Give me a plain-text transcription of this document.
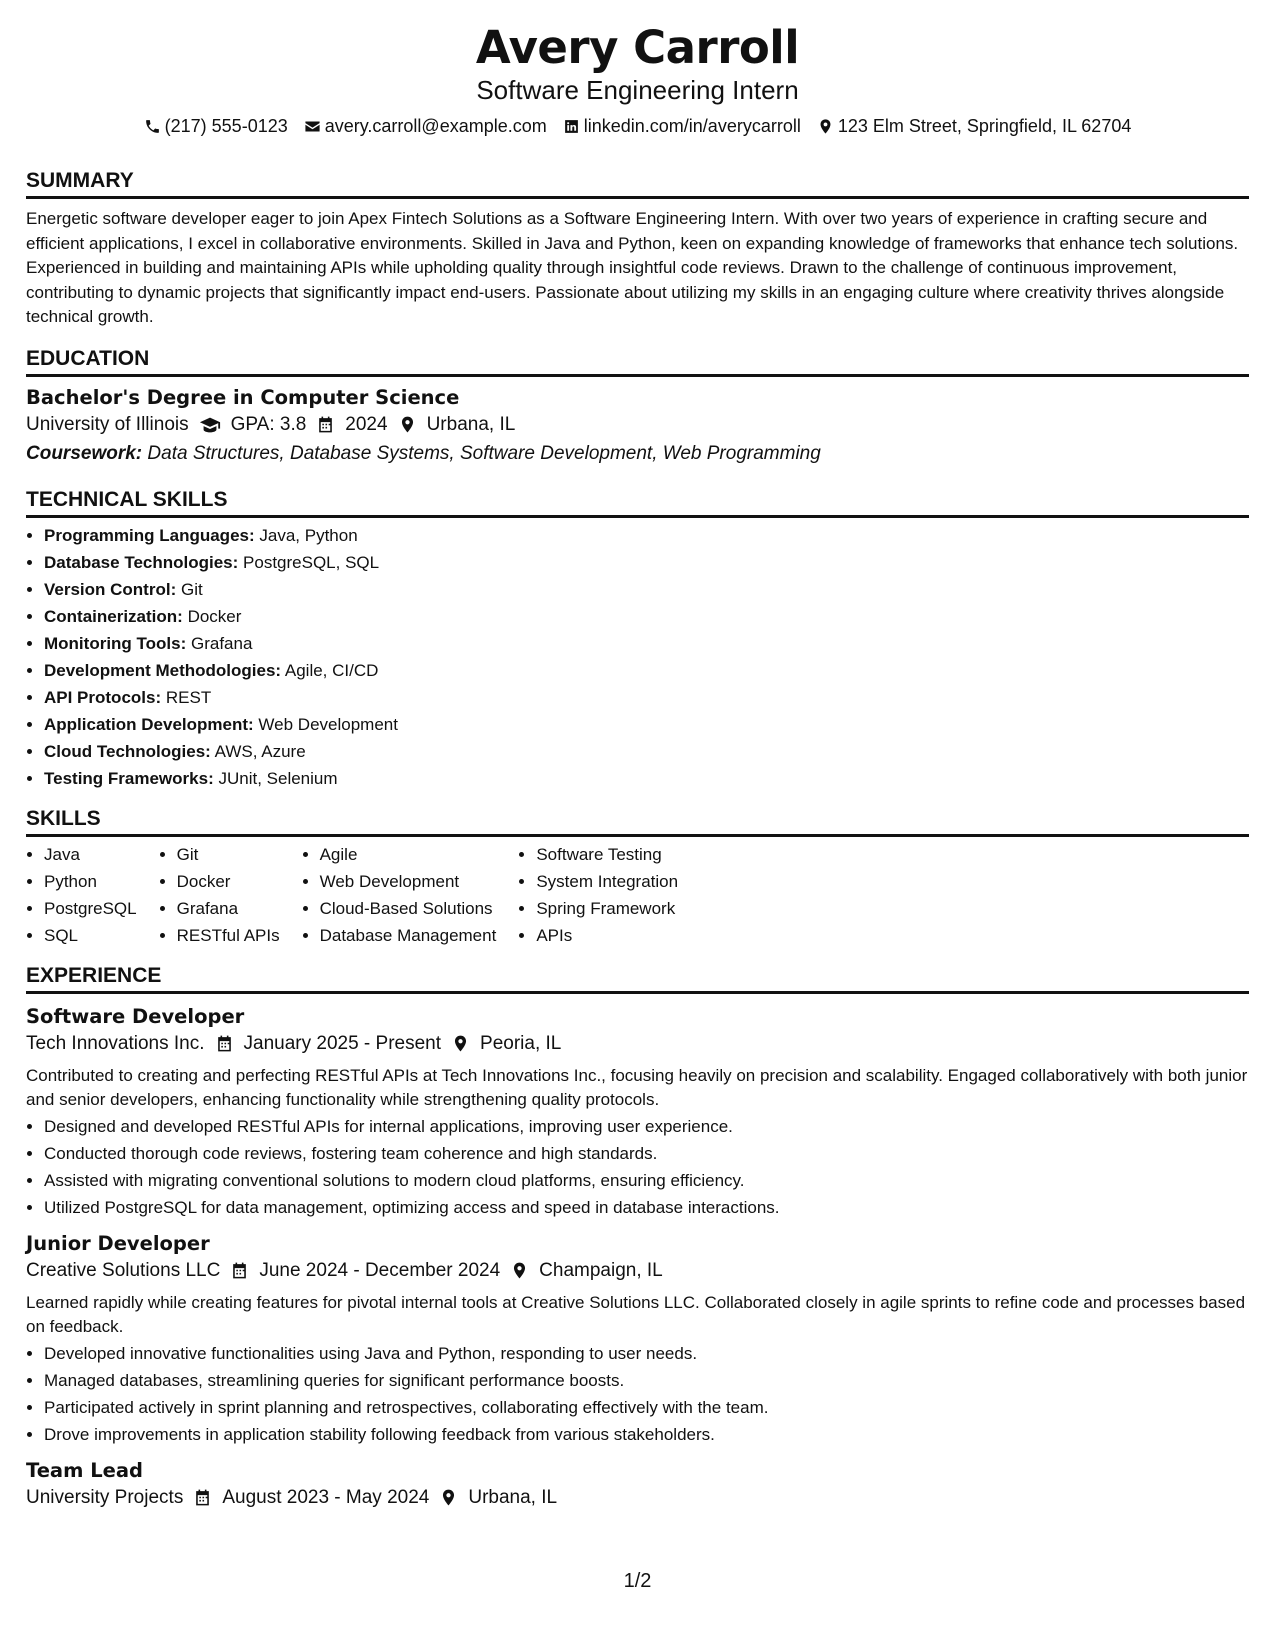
Avery Carroll
Software Engineering Intern
(217) 555-0123 avery.carroll@example.com linkedin.com/in/averycarroll 123 Elm Street, Springfield, IL 62704
SUMMARY
Energetic software developer eager to join Apex Fintech Solutions as a Software Engineering Intern. With over two years of experience in crafting secure and efficient applications, I excel in collaborative environments. Skilled in Java and Python, keen on expanding knowledge of frameworks that enhance tech solutions. Experienced in building and maintaining APIs while upholding quality through insightful code reviews. Drawn to the challenge of continuous improvement, contributing to dynamic projects that significantly impact end-users. Passionate about utilizing my skills in an engaging culture where creativity thrives alongside technical growth.
EDUCATION
Bachelor's Degree in Computer Science
University of Illinois GPA: 3.8 2024 Urbana, IL
Coursework: Data Structures, Database Systems, Software Development, Web Programming
TECHNICAL SKILLS
• Programming Languages: Java, Python
• Database Technologies: PostgreSQL, SQL
• Version Control: Git
• Containerization: Docker
• Monitoring Tools: Grafana
• Development Methodologies: Agile, CI/CD
• API Protocols: REST
• Application Development: Web Development
• Cloud Technologies: AWS, Azure
• Testing Frameworks: JUnit, Selenium
SKILLS
• Java
• Python
• PostgreSQL
• SQL
• Git
• Docker
• Grafana
• RESTful APIs
• Agile
• Web Development
• Cloud-Based Solutions
• Database Management
• Software Testing
• System Integration
• Spring Framework
• APIs
EXPERIENCE
Software Developer
Tech Innovations Inc. January 2025 - Present Peoria, IL
Contributed to creating and perfecting RESTful APIs at Tech Innovations Inc., focusing heavily on precision and scalability. Engaged collaboratively with both junior and senior developers, enhancing functionality while strengthening quality protocols.
• Designed and developed RESTful APIs for internal applications, improving user experience.
• Conducted thorough code reviews, fostering team coherence and high standards.
• Assisted with migrating conventional solutions to modern cloud platforms, ensuring efficiency.
• Utilized PostgreSQL for data management, optimizing access and speed in database interactions.
Junior Developer
Creative Solutions LLC June 2024 - December 2024 Champaign, IL
Learned rapidly while creating features for pivotal internal tools at Creative Solutions LLC. Collaborated closely in agile sprints to refine code and processes based on feedback.
• Developed innovative functionalities using Java and Python, responding to user needs.
• Managed databases, streamlining queries for significant performance boosts.
• Participated actively in sprint planning and retrospectives, collaborating effectively with the team.
• Drove improvements in application stability following feedback from various stakeholders.
Team Lead
University Projects August 2023 - May 2024 Urbana, IL
1/2
